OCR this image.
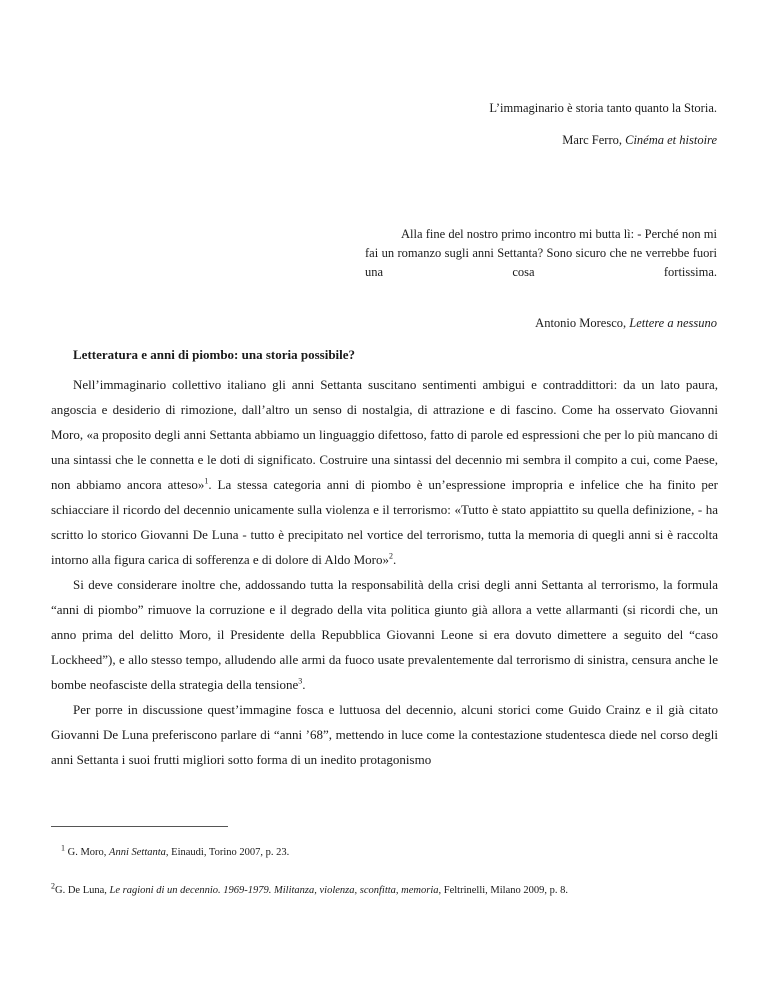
L’immaginario è storia tanto quanto la Storia.

Marc Ferro, Cinéma et histoire

Alla fine del nostro primo incontro mi butta lì: - Perché non mi fai un romanzo sugli anni Settanta? Sono sicuro che ne verrebbe fuori una cosa fortissima.

Antonio Moresco, Lettere a nessuno

Letteratura e anni di piombo: una storia possibile?

Nell’immaginario collettivo italiano gli anni Settanta suscitano sentimenti ambigui e contraddittori: da un lato paura, angoscia e desiderio di rimozione, dall’altro un senso di nostalgia, di attrazione e di fascino. Come ha osservato Giovanni Moro, «a proposito degli anni Settanta abbiamo un linguaggio difettoso, fatto di parole ed espressioni che per lo più mancano di una sintassi che le connetta e le doti di significato. Costruire una sintassi del decennio mi sembra il compito a cui, come Paese, non abbiamo ancora atteso»$^1$. La stessa categoria anni di piombo è un’espressione impropria e infelice che ha finito per schiacciare il ricordo del decennio unicamente sulla violenza e il terrorismo: «Tutto è stato appiattito su quella definizione, - ha scritto lo storico Giovanni De Luna - tutto è precipitato nel vortice del terrorismo, tutta la memoria di quegli anni si è raccolta intorno alla figura carica di sofferenza e di dolore di Aldo Moro»$^2$.

Si deve considerare inoltre che, addossando tutta la responsabilità della crisi degli anni Settanta al terrorismo, la formula “anni di piombo” rimuove la corruzione e il degrado della vita politica giunto già allora a vette allarmanti (si ricordi che, un anno prima del delitto Moro, il Presidente della Repubblica Giovanni Leone si era dovuto dimettere a seguito del “caso Lockheed”), e allo stesso tempo, alludendo alle armi da fuoco usate prevalentemente dal terrorismo di sinistra, censura anche le bombe neofasciste della strategia della tensione$^3$.

Per porre in discussione quest’immagine fosca e luttuosa del decennio, alcuni storici come Guido Crainz e il già citato Giovanni De Luna preferiscono parlare di “anni ’68”, mettendo in luce come la contestazione studentesca diede nel corso degli anni Settanta i suoi frutti migliori sotto forma di un inedito protagonismo

$^1$ G. Moro, Anni Settanta, Einaudi, Torino 2007, p. 23.

$^2$G. De Luna, Le ragioni di un decennio. 1969-1979. Militanza, violenza, sconfitta, memoria, Feltrinelli, Milano 2009, p. 8.
